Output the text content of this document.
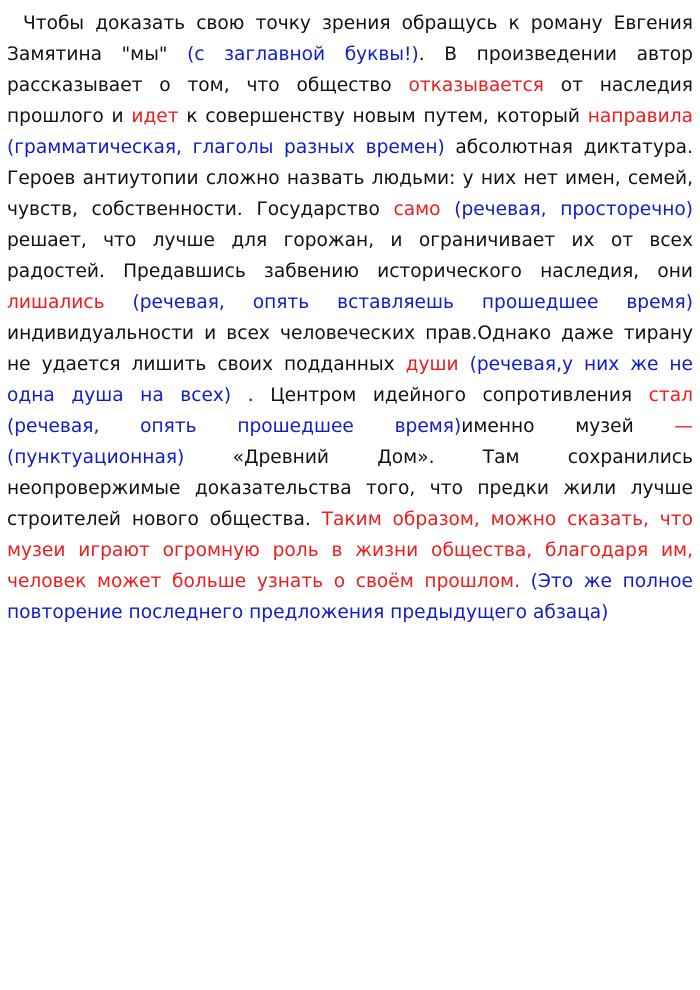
Чтобы доказать свою точку зрения обращусь к роману Евгения Замятина "мы" (с заглавной буквы!). В произведении автор рассказывает о том, что общество отказывается от наследия прошлого и идет к совершенству новым путем, который направила (грамматическая, глаголы разных времен) абсолютная диктатура. Героев антиутопии сложно назвать людьми: у них нет имен, семей, чувств, собственности. Государство само (речевая, просторечно) решает, что лучше для горожан, и ограничивает их от всех радостей. Предавшись забвению исторического наследия, они лишались (речевая, опять вставляешь прошедшее время) индивидуальности и всех человеческих прав.Однако даже тирану не удается лишить своих подданных души (речевая,у них же не одна душа на всех) . Центром идейного сопротивления стал (речевая, опять прошедшее время)именно музей — (пунктуационная) «Древний Дом». Там сохранились неопровержимые доказательства того, что предки жили лучше строителей нового общества. Таким образом, можно сказать, что музеи играют огромную роль в жизни общества, благодаря им, человек может больше узнать о своём прошлом. (Это же полное повторение последнего предложения предыдущего абзаца)
